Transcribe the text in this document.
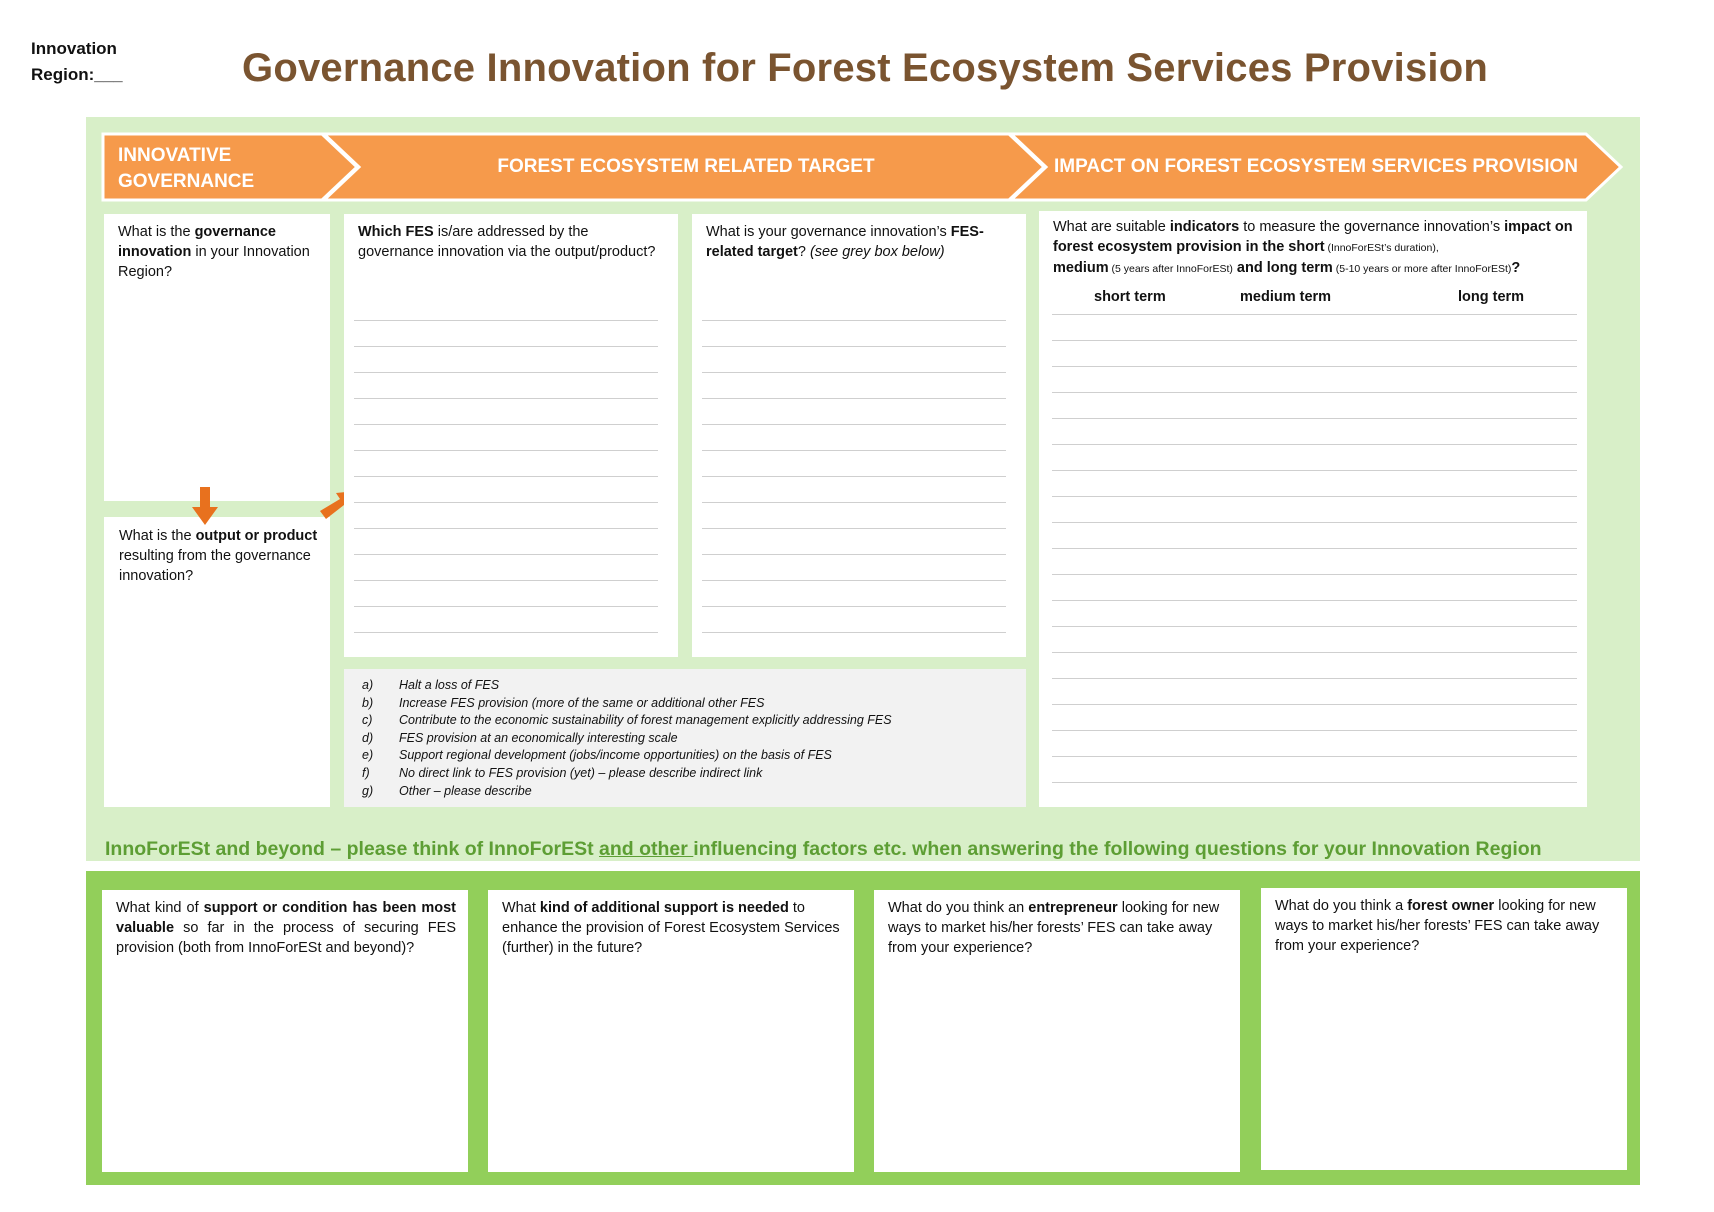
Innovation
Region:___	Governance Innovation for Forest Ecosystem Services Provision
INNOVATIVE
GOVERNANCE
FOREST ECOSYSTEM RELATED TARGET	IMPACT ON FOREST ECOSYSTEM SERVICES PROVISION
What is the governance innovation in your Innovation Region?
What is the output or product resulting from the governance innovation?
Which FES is/are addressed by the governance innovation via the output/product?
What is your governance innovation’s FES-related target? (see grey box below)
a) Halt a loss of FES
b) Increase FES provision (more of the same or additional other FES
c) Contribute to the economic sustainability of forest management explicitly addressing FES
d) FES provision at an economically interesting scale
e) Support regional development (jobs/income opportunities) on the basis of FES
f) No direct link to FES provision (yet) – please describe indirect link
g) Other – please describe
What are suitable indicators to measure the governance innovation’s impact on forest ecosystem provision in the short (InnoForESt’s duration),
medium (5 years after InnoForESt) and long term (5-10 years or more after InnoForESt)?
short term	medium term	long term
InnoForESt and beyond – please think of InnoForESt and other influencing factors etc. when answering the following questions for your Innovation Region
What kind of support or condition has been most valuable so far in the process of securing FES provision (both from InnoForESt and beyond)?
What kind of additional support is needed to enhance the provision of Forest Ecosystem Services (further) in the future?
What do you think an entrepreneur looking for new ways to market his/her forests’ FES can take away from your experience?
What do you think a forest owner looking for new ways to market his/her forests’ FES can take away from your experience?
